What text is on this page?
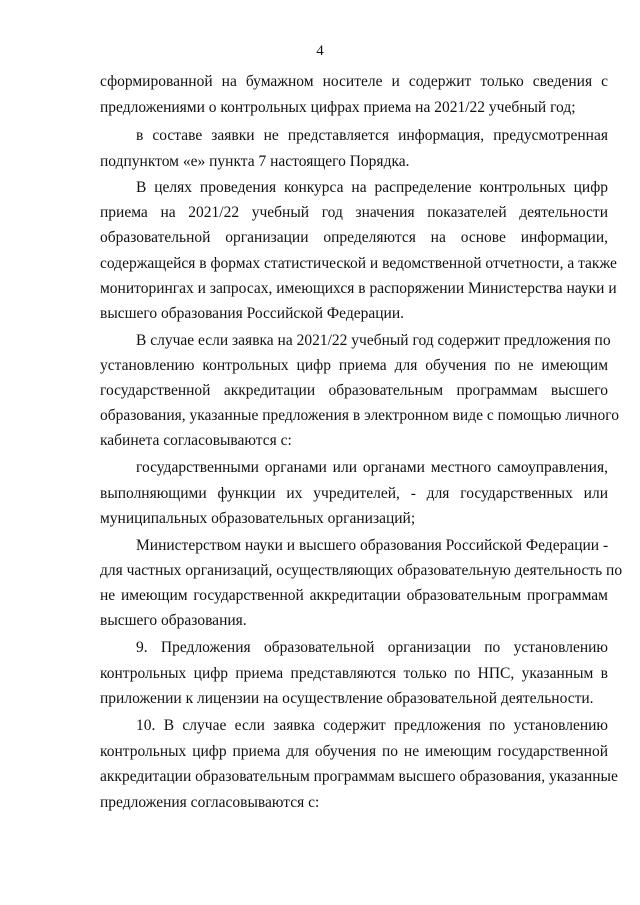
4
сформированной на бумажном носителе и содержит только сведения с
предложениями о контрольных цифрах приема на 2021/22 учебный год;
в составе заявки не представляется информация, предусмотренная
подпунктом «е» пункта 7 настоящего Порядка.
В целях проведения конкурса на распределение контрольных цифр
приема на 2021/22 учебный год значения показателей деятельности
образовательной организации определяются на основе информации,
содержащейся в формах статистической и ведомственной отчетности, а также
мониторингах и запросах, имеющихся в распоряжении Министерства науки и
высшего образования Российской Федерации.
В случае если заявка на 2021/22 учебный год содержит предложения по
установлению контрольных цифр приема для обучения по не имеющим
государственной аккредитации образовательным программам высшего
образования, указанные предложения в электронном виде с помощью личного
кабинета согласовываются с:
государственными органами или органами местного самоуправления,
выполняющими функции их учредителей, - для государственных или
муниципальных образовательных организаций;
Министерством науки и высшего образования Российской Федерации -
для частных организаций, осуществляющих образовательную деятельность по
не имеющим государственной аккредитации образовательным программам
высшего образования.
9. Предложения образовательной организации по установлению
контрольных цифр приема представляются только по НПС, указанным в
приложении к лицензии на осуществление образовательной деятельности.
10. В случае если заявка содержит предложения по установлению
контрольных цифр приема для обучения по не имеющим государственной
аккредитации образовательным программам высшего образования, указанные
предложения согласовываются с:
